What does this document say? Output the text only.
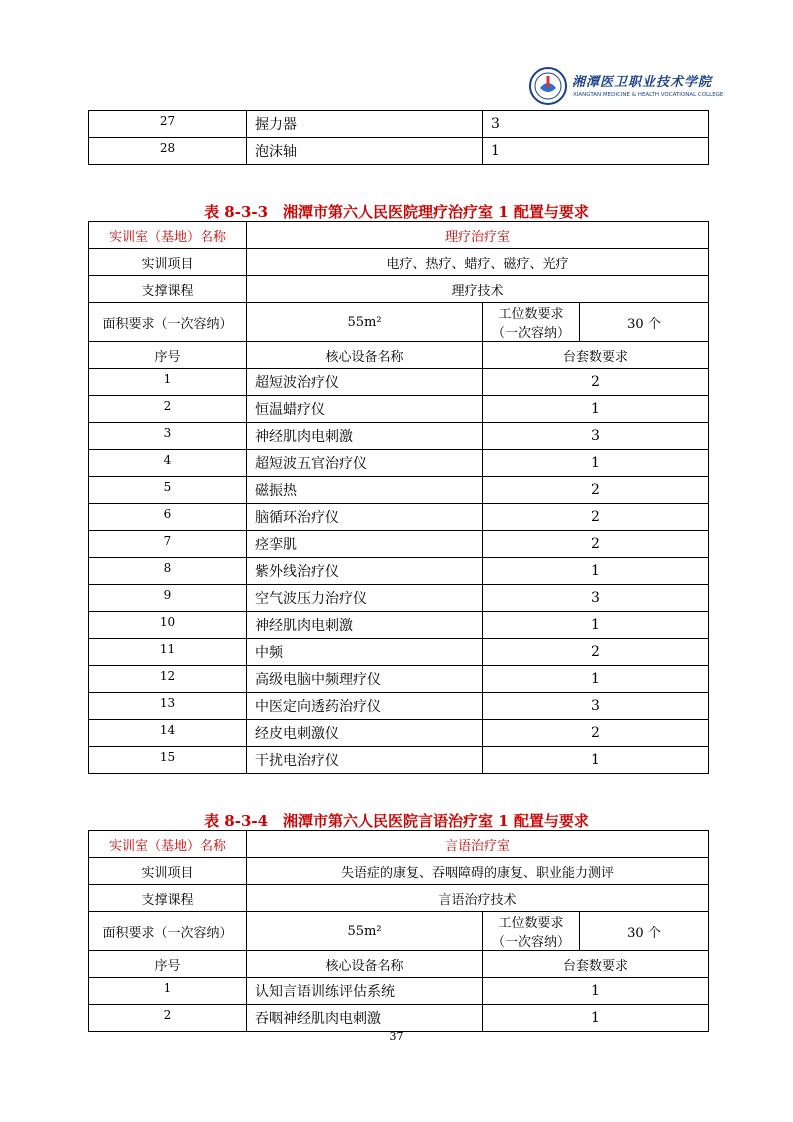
湘潭医卫职业技术学院
XIANGTAN MEDICINE & HEALTH VOCATIONAL COLLEGE
27	握力器	3
28	泡沫轴	1
表 8-3-3　湘潭市第六人民医院理疗治疗室 1 配置与要求
实训室（基地）名称	理疗治疗室		
实训项目	电疗、热疗、蜡疗、磁疗、光疗		
支撑课程	理疗技术		
面积要求（一次容纳）	55m²	工位数要求（一次容纳）	30 个
序号	核心设备名称	台套数要求	
1	超短波治疗仪	2	
2	恒温蜡疗仪	1	
3	神经肌肉电刺激	3	
4	超短波五官治疗仪	1	
5	磁振热	2	
6	脑循环治疗仪	2	
7	痉挛肌	2	
8	紫外线治疗仪	1	
9	空气波压力治疗仪	3	
10	神经肌肉电刺激	1	
11	中频	2	
12	高级电脑中频理疗仪	1	
13	中医定向透药治疗仪	3	
14	经皮电刺激仪	2	
15	干扰电治疗仪	1	
表 8-3-4　湘潭市第六人民医院言语治疗室 1 配置与要求
实训室（基地）名称	言语治疗室		
实训项目	失语症的康复、吞咽障碍的康复、职业能力测评		
支撑课程	言语治疗技术		
面积要求（一次容纳）	55m²	工位数要求（一次容纳）	30 个
序号	核心设备名称	台套数要求	
1	认知言语训练评估系统	1	
2	吞咽神经肌肉电刺激	1	
37
